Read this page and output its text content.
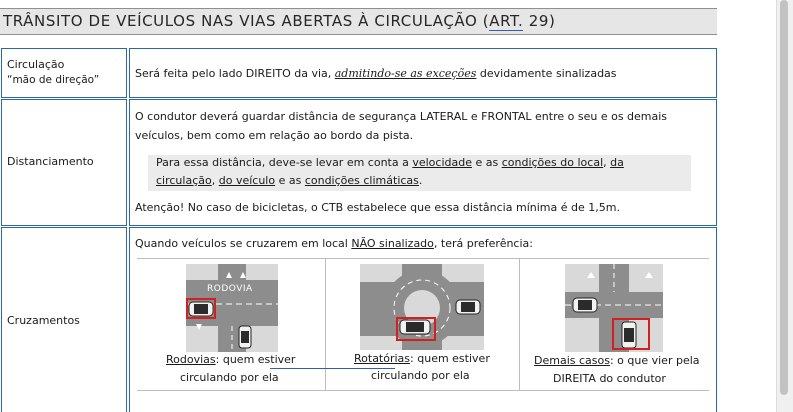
TRÂNSITO DE VEÍCULOS NAS VIAS ABERTAS À CIRCULAÇÃO (ART. 29)
Circulação
“mão de direção”	Será feita pelo lado DIREITO da via, admitindo-se as exceções devidamente sinalizadas
Distanciamento
O condutor deverá guardar distância de segurança LATERAL e FRONTAL entre o seu e os demais
veículos, bem como em relação ao bordo da pista.
Para essa distância, deve-se levar em conta a velocidade e as condições do local, da
circulação, do veículo e as condições climáticas.
Atenção! No caso de bicicletas, o CTB estabelece que essa distância mínima é de 1,5m.
Cruzamentos
Quando veículos se cruzarem em local NÃO sinalizado, terá preferência:
RODOVIA
Rodovias: quem estiver
circulando por ela
Rotatórias: quem estiver
circulando por ela
Demais casos: o que vier pela
DIREITA do condutor
